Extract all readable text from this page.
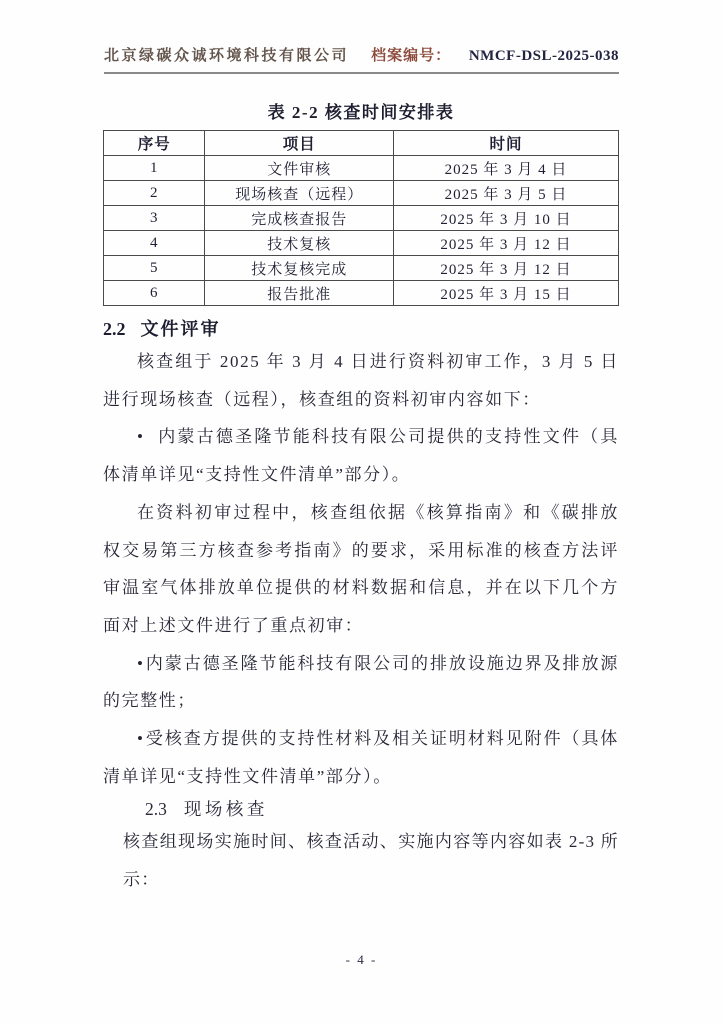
北京绿碳众诚环境科技有限公司 档案编号： NMCF-DSL-2025-038
表 2-2 核查时间安排表
序号	项目	时间
1	文件审核	2025 年 3 月 4 日
2	现场核查（远程）	2025 年 3 月 5 日
3	完成核查报告	2025 年 3 月 10 日
4	技术复核	2025 年 3 月 12 日
5	技术复核完成	2025 年 3 月 12 日
6	报告批准	2025 年 3 月 15 日
2.2 文件评审

核查组于 2025 年 3 月 4 日进行资料初审工作，3 月 5 日进行现场核查（远程），核查组的资料初审内容如下：

• 内蒙古德圣隆节能科技有限公司提供的支持性文件（具体清单详见“支持性文件清单”部分）。

在资料初审过程中，核查组依据《核算指南》和《碳排放权交易第三方核查参考指南》的要求，采用标准的核查方法评审温室气体排放单位提供的材料数据和信息，并在以下几个方面对上述文件进行了重点初审：

•内蒙古德圣隆节能科技有限公司的排放设施边界及排放源的完整性；

•受核查方提供的支持性材料及相关证明材料见附件（具体清单详见“支持性文件清单”部分）。

2.3 现场核查

核查组现场实施时间、核查活动、实施内容等内容如表 2-3 所示：

- 4 -
